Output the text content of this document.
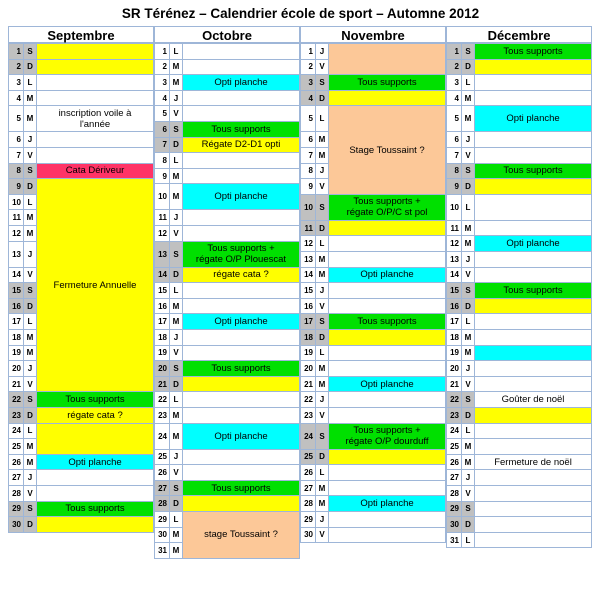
SR Térénez – Calendrier école de sport – Automne 2012
Septembre
1 S
2 D
3 L
4 M
5 M
6 J
7 V
8 S
9 D
10 L
11 M
12 M
13 J
14 V
15 S
16 D
17 L
18 M
19 M
20 J
21 V
22 S
23 D
24 L
25 M
26 M
27 J
28 V
29 S
30 D
inscription voile à
l'année
Cata Dériveur
Fermeture Annuelle
Tous supports
régate cata ?
Opti planche
Tous supports
Octobre
1 L
2 M
3 M
4 J
5 V
6 S
7 D
8 L
9 M
10 M
11 J
12 V
13 S
14 D
15 L
16 M
17 M
18 J
19 V
20 S
21 D
22 L
23 M
24 M
25 J
26 V
27 S
28 D
29 L
30 M
31 M
Opti planche
Tous supports
Régate D2-D1 opti
Opti planche
Tous supports +
régate O/P Plouescat
régate cata ?
Opti planche
Tous supports
Opti planche
Tous supports
stage Toussaint ?
Novembre
1 J
2 V
3 S
4 D
5 L
6 M
7 M
8 J
9 V
10 S
11 D
12 L
13 M
14 M
15 J
16 V
17 S
18 D
19 L
20 M
21 M
22 J
23 V
24 S
25 D
26 L
27 M
28 M
29 J
30 V
Tous supports
Stage Toussaint ?
Tous supports +
régate O/P/C st pol
Opti planche
Tous supports
Opti planche
Tous supports +
régate O/P dourduff
Opti planche
Décembre
1 S
2 D
3 L
4 M
5 M
6 J
7 V
8 S
9 D
10 L
11 M
12 M
13 J
14 V
15 S
16 D
17 L
18 M
19 M
20 J
21 V
22 S
23 D
24 L
25 M
26 M
27 J
28 V
29 S
30 D
31 L
Tous supports
Opti planche
Tous supports
Opti planche
Tous supports
Goûter de noël
Fermeture de noël
